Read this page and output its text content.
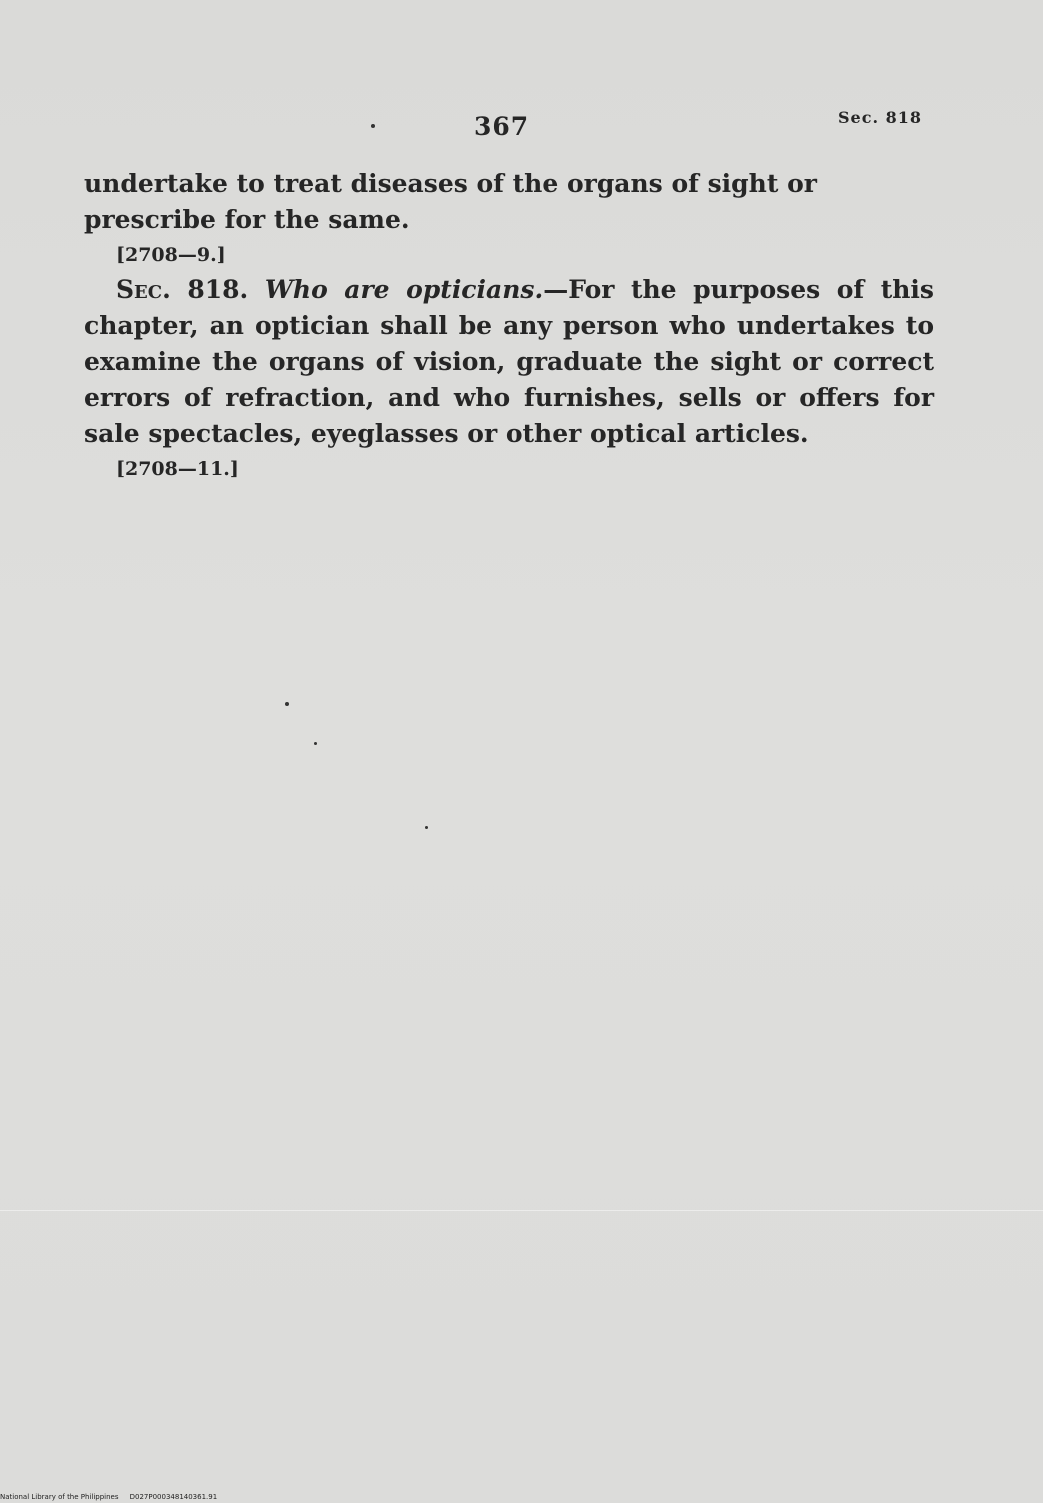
367	Sec. 818

undertake to treat diseases of the organs of sight or prescribe for the same.

[2708—9.]

Sec. 818. Who are opticians.—For the purposes of this chapter, an optician shall be any person who undertakes to examine the organs of vision, graduate the sight or correct errors of refraction, and who furnishes, sells or offers for sale spectacles, eyeglasses or other optical articles.

[2708—11.]

National Library of the Philippines     D027P000348140361.91
